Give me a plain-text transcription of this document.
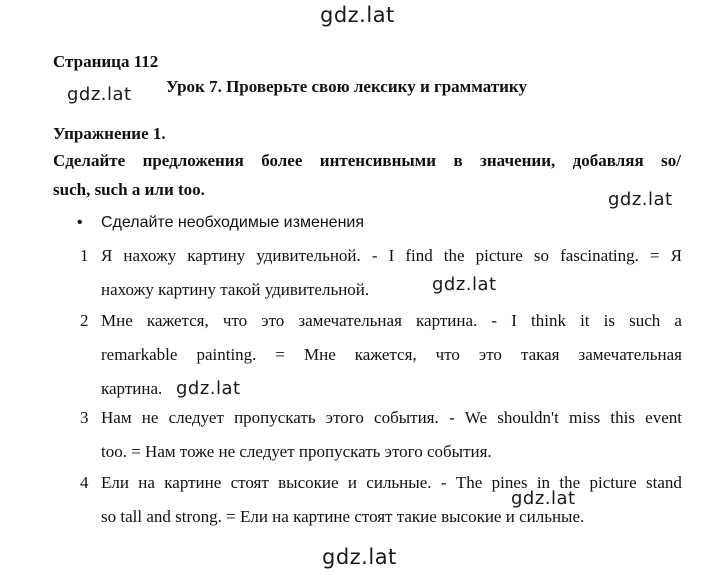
gdz.lat
Страница 112
gdz.lat Урок 7. Проверьте свою лексику и грамматику
Упражнение 1.
Сделайте предложения более интенсивными в значении, добавляя so/
such, such a или too.	gdz.lat
• Сделайте необходимые изменения
1 Я нахожу картину удивительной. - I find the picture so fascinating. = Я
нахожу картину такой удивительной.	gdz.lat
2 Мне кажется, что это замечательная картина. - I think it is such a
remarkable painting. = Мне кажется, что это такая замечательная
картина. gdz.lat
3 Нам не следует пропускать этого события. - We shouldn't miss this event
too. = Нам тоже не следует пропускать этого события.
4 Ели на картине стоят высокие и сильные. - The pines in the picture stand
so tall and strong. = Ели на картине стоят такие высокие и сильные.
gdz.lat
gdz.lat
